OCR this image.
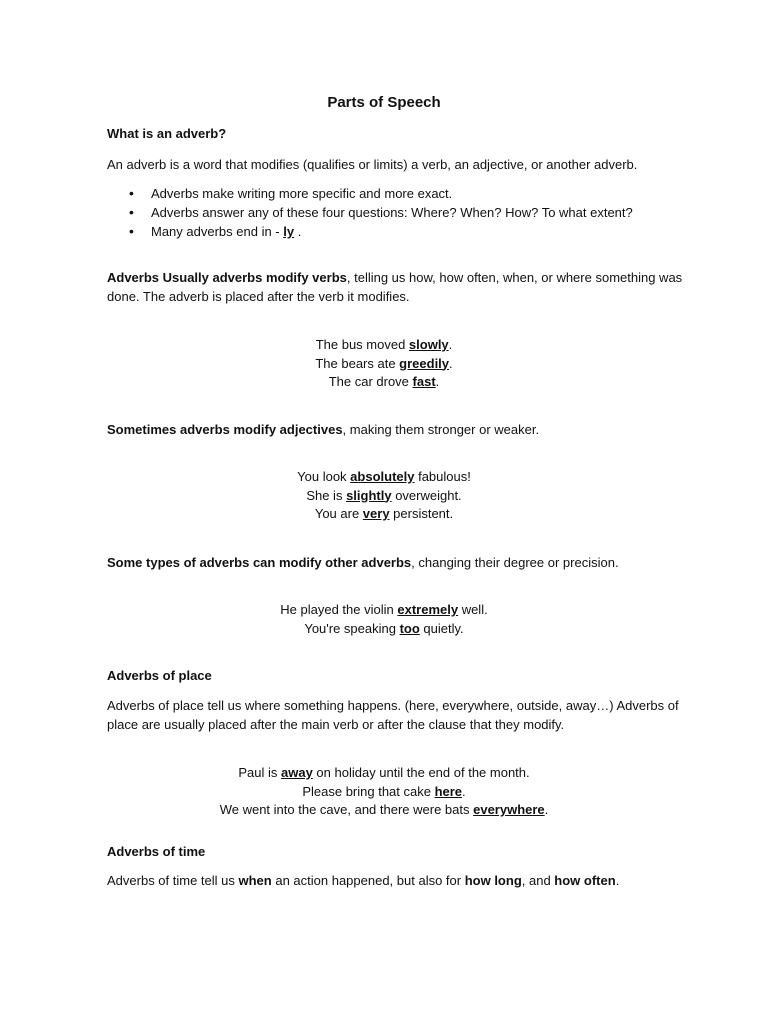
Parts of Speech
What is an adverb?
An adverb is a word that modifies (qualifies or limits) a verb, an adjective, or another adverb.
• Adverbs make writing more specific and more exact.
• Adverbs answer any of these four questions: Where? When? How? To what extent?
• Many adverbs end in - ly .
Adverbs Usually adverbs modify verbs, telling us how, how often, when, or where something was
done. The adverb is placed after the verb it modifies.
The bus moved slowly.
The bears ate greedily.
The car drove fast.
Sometimes adverbs modify adjectives, making them stronger or weaker.
You look absolutely fabulous!
She is slightly overweight.
You are very persistent.
Some types of adverbs can modify other adverbs, changing their degree or precision.
He played the violin extremely well.
You're speaking too quietly.
Adverbs of place
Adverbs of place tell us where something happens. (here, everywhere, outside, away…) Adverbs of
place are usually placed after the main verb or after the clause that they modify.
Paul is away on holiday until the end of the month.
Please bring that cake here.
We went into the cave, and there were bats everywhere.
Adverbs of time
Adverbs of time tell us when an action happened, but also for how long, and how often.
